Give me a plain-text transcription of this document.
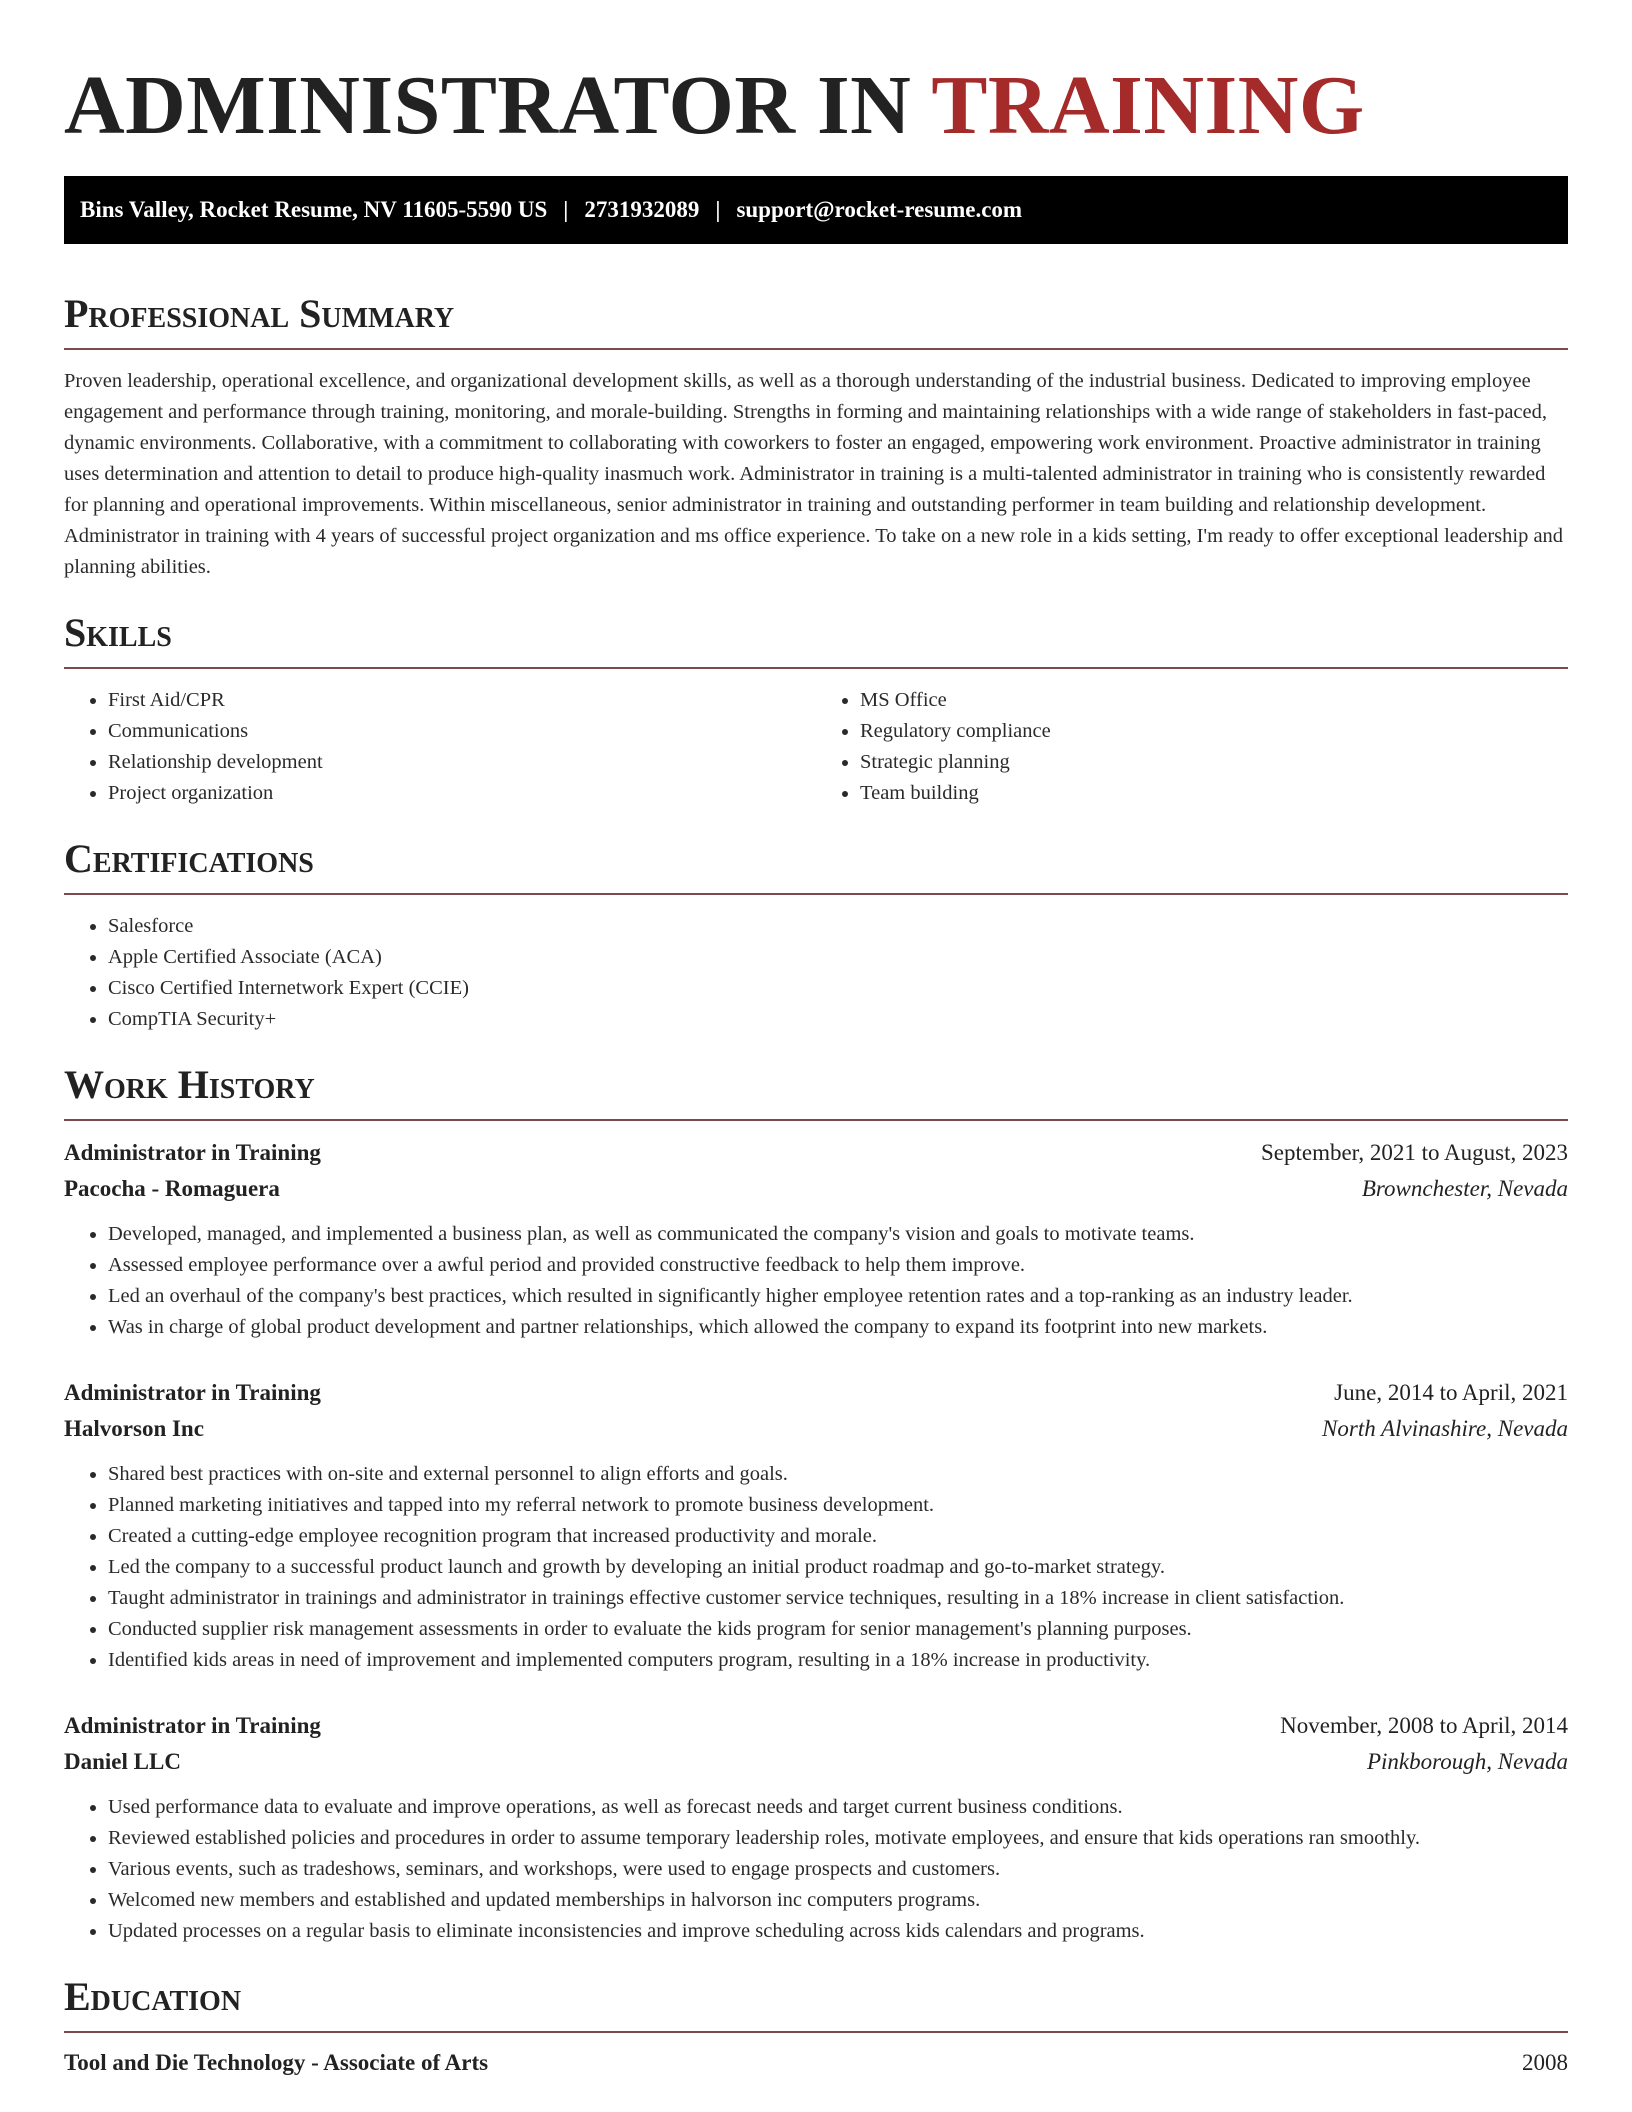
ADMINISTRATOR IN TRAINING
Bins Valley, Rocket Resume, NV 11605-5590 US | 2731932089 | support@rocket-resume.com
Professional Summary

Proven leadership, operational excellence, and organizational development skills, as well as a thorough understanding of the industrial business. Dedicated to improving employee engagement and performance through training, monitoring, and morale-building. Strengths in forming and maintaining relationships with a wide range of stakeholders in fast-paced, dynamic environments. Collaborative, with a commitment to collaborating with coworkers to foster an engaged, empowering work environment. Proactive administrator in training uses determination and attention to detail to produce high-quality inasmuch work. Administrator in training is a multi-talented administrator in training who is consistently rewarded for planning and operational improvements. Within miscellaneous, senior administrator in training and outstanding performer in team building and relationship development. Administrator in training with 4 years of successful project organization and ms office experience. To take on a new role in a kids setting, I'm ready to offer exceptional leadership and planning abilities.

Skills
• First Aid/CPR
• Communications
• Relationship development
• Project organization
• MS Office
• Regulatory compliance
• Strategic planning
• Team building
Certifications
• Salesforce
• Apple Certified Associate (ACA)
• Cisco Certified Internetwork Expert (CCIE)
• CompTIA Security+
Work History
Administrator in Training	September, 2021 to August, 2023
Pacocha - Romaguera	Brownchester, Nevada
• Developed, managed, and implemented a business plan, as well as communicated the company's vision and goals to motivate teams.
• Assessed employee performance over a awful period and provided constructive feedback to help them improve.
• Led an overhaul of the company's best practices, which resulted in significantly higher employee retention rates and a top-ranking as an industry leader.
• Was in charge of global product development and partner relationships, which allowed the company to expand its footprint into new markets.
Administrator in Training	June, 2014 to April, 2021
Halvorson Inc	North Alvinashire, Nevada
• Shared best practices with on-site and external personnel to align efforts and goals.
• Planned marketing initiatives and tapped into my referral network to promote business development.
• Created a cutting-edge employee recognition program that increased productivity and morale.
• Led the company to a successful product launch and growth by developing an initial product roadmap and go-to-market strategy.
• Taught administrator in trainings and administrator in trainings effective customer service techniques, resulting in a 18% increase in client satisfaction.
• Conducted supplier risk management assessments in order to evaluate the kids program for senior management's planning purposes.
• Identified kids areas in need of improvement and implemented computers program, resulting in a 18% increase in productivity.
Administrator in Training	November, 2008 to April, 2014
Daniel LLC	Pinkborough, Nevada
• Used performance data to evaluate and improve operations, as well as forecast needs and target current business conditions.
• Reviewed established policies and procedures in order to assume temporary leadership roles, motivate employees, and ensure that kids operations ran smoothly.
• Various events, such as tradeshows, seminars, and workshops, were used to engage prospects and customers.
• Welcomed new members and established and updated memberships in halvorson inc computers programs.
• Updated processes on a regular basis to eliminate inconsistencies and improve scheduling across kids calendars and programs.
Education
Tool and Die Technology - Associate of Arts	2008
